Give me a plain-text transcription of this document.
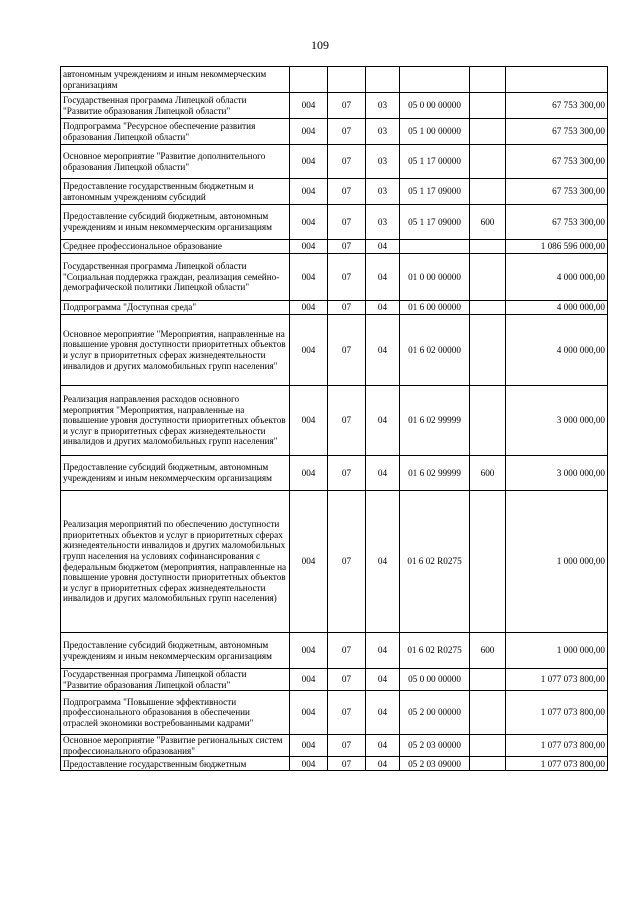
109
автономным учреждениям и иным некоммерческим организациям						
Государственная программа Липецкой области "Развитие образования Липецкой области"	004	07	03	05 0 00 00000		67 753 300,00
Подпрограмма "Ресурсное обеспечение развития образования Липецкой области"	004	07	03	05 1 00 00000		67 753 300,00
Основное мероприятие "Развитие дополнительного образования Липецкой области"	004	07	03	05 1 17 00000		67 753 300,00
Предоставление государственным бюджетным и автономным учреждениям субсидий	004	07	03	05 1 17 09000		67 753 300,00
Предоставление субсидий бюджетным, автономным учреждениям и иным некоммерческим организациям	004	07	03	05 1 17 09000	600	67 753 300,00
Среднее профессиональное образование	004	07	04			1 086 596 000,00
Государственная программа Липецкой области "Социальная поддержка граждан, реализация семейно-демографической политики Липецкой области"	004	07	04	01 0 00 00000		4 000 000,00
Подпрограмма "Доступная среда"	004	07	04	01 6 00 00000		4 000 000,00
Основное мероприятие "Мероприятия, направленные на повышение уровня доступности приоритетных объектов и услуг в приоритетных сферах жизнедеятельности инвалидов и других маломобильных групп населения"	004	07	04	01 6 02 00000		4 000 000,00
Реализация направления расходов основного мероприятия "Мероприятия, направленные на повышение уровня доступности приоритетных объектов и услуг в приоритетных сферах жизнедеятельности инвалидов и других маломобильных групп населения"	004	07	04	01 6 02 99999		3 000 000,00
Предоставление субсидий бюджетным, автономным учреждениям и иным некоммерческим организациям	004	07	04	01 6 02 99999	600	3 000 000,00
Реализация мероприятий по обеспечению доступности приоритетных объектов и услуг в приоритетных сферах жизнедеятельности инвалидов и других маломобильных групп населения на условиях софинансирования с федеральным бюджетом (мероприятия, направленные на повышение уровня доступности приоритетных объектов и услуг в приоритетных сферах жизнедеятельности инвалидов и других маломобильных групп населения)	004	07	04	01 6 02 R0275		1 000 000,00
Предоставление субсидий бюджетным, автономным учреждениям и иным некоммерческим организациям	004	07	04	01 6 02 R0275	600	1 000 000,00
Государственная программа Липецкой области "Развитие образования Липецкой области"	004	07	04	05 0 00 00000		1 077 073 800,00
Подпрограмма "Повышение эффективности профессионального образования в обеспечении отраслей экономики востребованными кадрами"	004	07	04	05 2 00 00000		1 077 073 800,00
Основное мероприятие "Развитие региональных систем профессионального образования"	004	07	04	05 2 03 00000		1 077 073 800,00
Предоставление государственным бюджетным	004	07	04	05 2 03 09000		1 077 073 800,00
